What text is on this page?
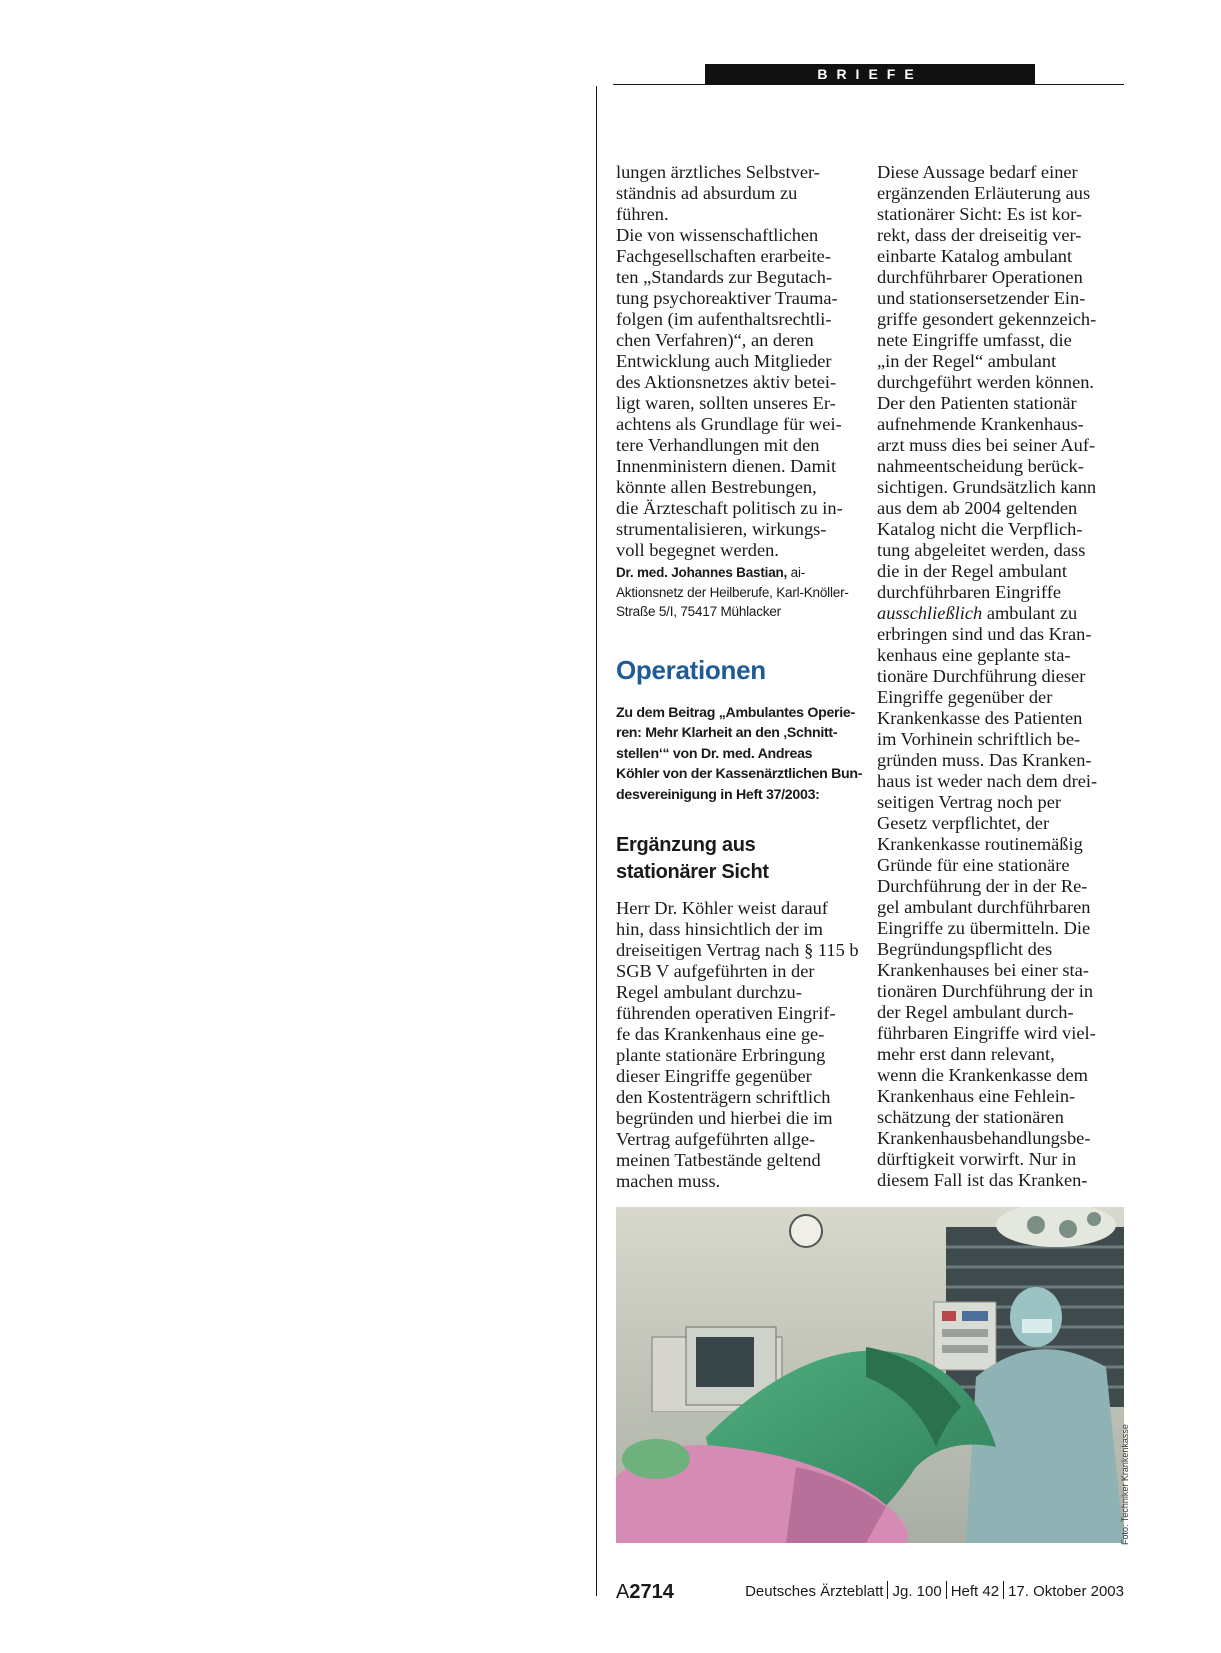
BRIEFE
lungen ärztliches Selbstver-
ständnis ad absurdum zu
führen.
Die von wissenschaftlichen
Fachgesellschaften erarbeite-
ten „Standards zur Begutach-
tung psychoreaktiver Trauma-
folgen (im aufenthaltsrechtli-
chen Verfahren)“, an deren
Entwicklung auch Mitglieder
des Aktionsnetzes aktiv betei-
ligt waren, sollten unseres Er-
achtens als Grundlage für wei-
tere Verhandlungen mit den
Innenministern dienen. Damit
könnte allen Bestrebungen,
die Ärzteschaft politisch zu in-
strumentalisieren, wirkungs-
voll begegnet werden.
Dr. med. Johannes Bastian, ai-
Aktionsnetz der Heilberufe, Karl-Knöller-
Straße 5/I, 75417 Mühlacker
Operationen
Zu dem Beitrag „Ambulantes Operie-
ren: Mehr Klarheit an den ‚Schnitt-
stellen‘“ von Dr. med. Andreas
Köhler von der Kassenärztlichen Bun-
desvereinigung in Heft 37/2003:
Ergänzung aus
stationärer Sicht
Herr Dr. Köhler weist darauf
hin, dass hinsichtlich der im
dreiseitigen Vertrag nach § 115 b
SGB V aufgeführten in der
Regel ambulant durchzu-
führenden operativen Eingrif-
fe das Krankenhaus eine ge-
plante stationäre Erbringung
dieser Eingriffe gegenüber
den Kostenträgern schriftlich
begründen und hierbei die im
Vertrag aufgeführten allge-
meinen Tatbestände geltend
machen muss.
Diese Aussage bedarf einer
ergänzenden Erläuterung aus
stationärer Sicht: Es ist kor-
rekt, dass der dreiseitig ver-
einbarte Katalog ambulant
durchführbarer Operationen
und stationsersetzender Ein-
griffe gesondert gekennzeich-
nete Eingriffe umfasst, die
„in der Regel“ ambulant
durchgeführt werden können.
Der den Patienten stationär
aufnehmende Krankenhaus-
arzt muss dies bei seiner Auf-
nahmeentscheidung berück-
sichtigen. Grundsätzlich kann
aus dem ab 2004 geltenden
Katalog nicht die Verpflich-
tung abgeleitet werden, dass
die in der Regel ambulant
durchführbaren Eingriffe
ausschließlich ambulant zu
erbringen sind und das Kran-
kenhaus eine geplante sta-
tionäre Durchführung dieser
Eingriffe gegenüber der
Krankenkasse des Patienten
im Vorhinein schriftlich be-
gründen muss. Das Kranken-
haus ist weder nach dem drei-
seitigen Vertrag noch per
Gesetz verpflichtet, der
Krankenkasse routinemäßig
Gründe für eine stationäre
Durchführung der in der Re-
gel ambulant durchführbaren
Eingriffe zu übermitteln. Die
Begründungspflicht des
Krankenhauses bei einer sta-
tionären Durchführung der in
der Regel ambulant durch-
führbaren Eingriffe wird viel-
mehr erst dann relevant,
wenn die Krankenkasse dem
Krankenhaus eine Fehlein-
schätzung der stationären
Krankenhausbehandlungsbe-
dürftigkeit vorwirft. Nur in
diesem Fall ist das Kranken-
Foto: Techniker Krankenkasse
A2714	Deutsches Ärzteblatt Jg. 100 Heft 42 17. Oktober 2003
